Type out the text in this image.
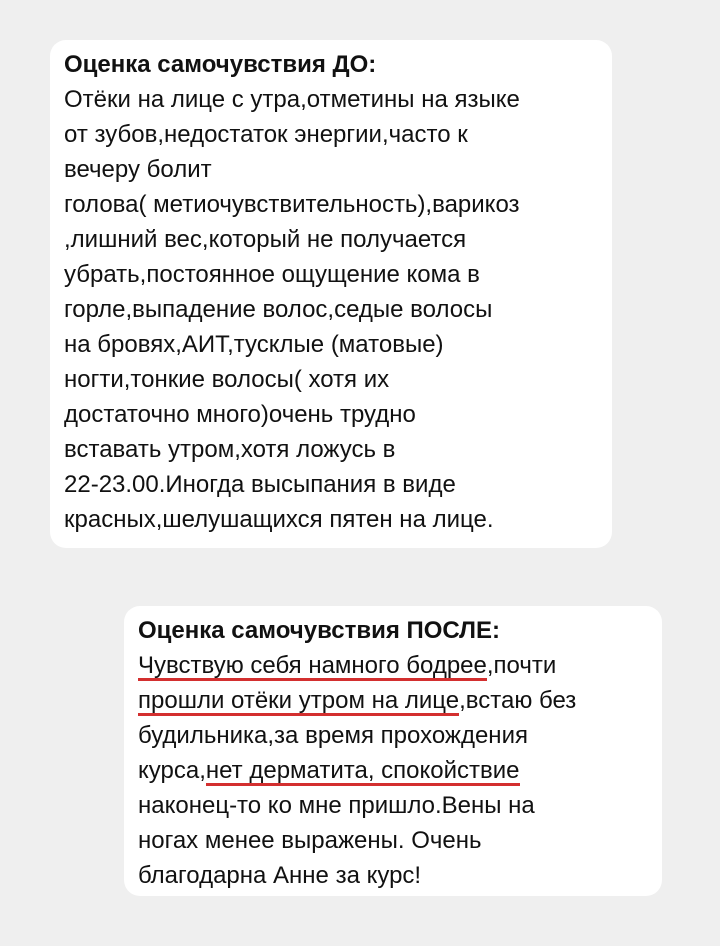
Оценка самочувствия ДО:
Отёки на лице с утра,отметины на языке
от зубов,недостаток энергии,часто к
вечеру болит
голова( метиочувствительность),варикоз
,лишний вес,который не получается
убрать,постоянное ощущение кома в
горле,выпадение волос,седые волосы
на бровях,АИТ,тусклые (матовые)
ногти,тонкие волосы( хотя их
достаточно много)очень трудно
вставать утром,хотя ложусь в
22-23.00.Иногда высыпания в виде
красных,шелушащихся пятен на лице.
Оценка самочувствия ПОСЛЕ:
Чувствую себя намного бодрее,почти
прошли отёки утром на лице,встаю без
будильника,за время прохождения
курса,нет дерматита, спокойствие
наконец-то ко мне пришло.Вены на
ногах менее выражены. Очень
благодарна Анне за курс!
